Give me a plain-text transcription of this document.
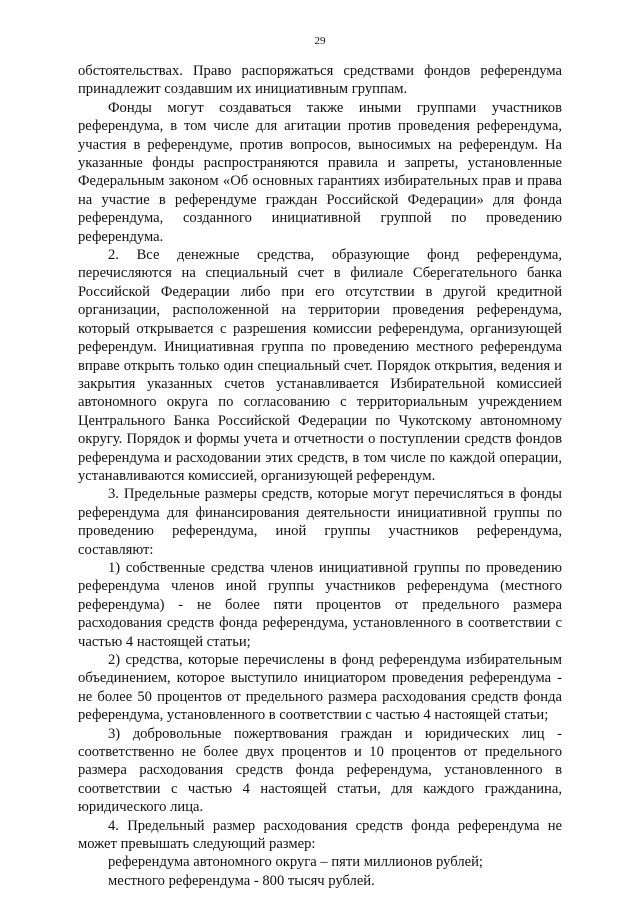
29

обстоятельствах. Право распоряжаться средствами фондов референдума принадлежит создавшим их инициативным группам.

Фонды могут создаваться также иными группами участников референдума, в том числе для агитации против проведения референдума, участия в референдуме, против вопросов, выносимых на референдум. На указанные фонды распространяются правила и запреты, установленные Федеральным законом «Об основных гарантиях избирательных прав и права на участие в референдуме граждан Российской Федерации» для фонда референдума, созданного инициативной группой по проведению референдума.

2. Все денежные средства, образующие фонд референдума, перечисляются на специальный счет в филиале Сберегательного банка Российской Федерации либо при его отсутствии в другой кредитной организации, расположенной на территории проведения референдума, который открывается с разрешения комиссии референдума, организующей референдум. Инициативная группа по проведению местного референдума вправе открыть только один специальный счет. Порядок открытия, ведения и закрытия указанных счетов устанавливается Избирательной комиссией автономного округа по согласованию с территориальным учреждением Центрального Банка Российской Федерации по Чукотскому автономному округу. Порядок и формы учета и отчетности о поступлении средств фондов референдума и расходовании этих средств, в том числе по каждой операции, устанавливаются комиссией, организующей референдум.

3. Предельные размеры средств, которые могут перечисляться в фонды референдума для финансирования деятельности инициативной группы по проведению референдума, иной группы участников референдума, составляют:

1) собственные средства членов инициативной группы по проведению референдума членов иной группы участников референдума (местного референдума) - не более пяти процентов от предельного размера расходования средств фонда референдума, установленного в соответствии с частью 4 настоящей статьи;

2) средства, которые перечислены в фонд референдума избирательным объединением, которое выступило инициатором проведения референдума - не более 50 процентов от предельного размера расходования средств фонда референдума, установленного в соответствии с частью 4 настоящей статьи;

3) добровольные пожертвования граждан и юридических лиц - соответственно не более двух процентов и 10 процентов от предельного размера расходования средств фонда референдума, установленного в соответствии с частью 4 настоящей статьи, для каждого гражданина, юридического лица.

4. Предельный размер расходования средств фонда референдума не может превышать следующий размер:

референдума автономного округа – пяти миллионов рублей;

местного референдума - 800 тысяч рублей.
